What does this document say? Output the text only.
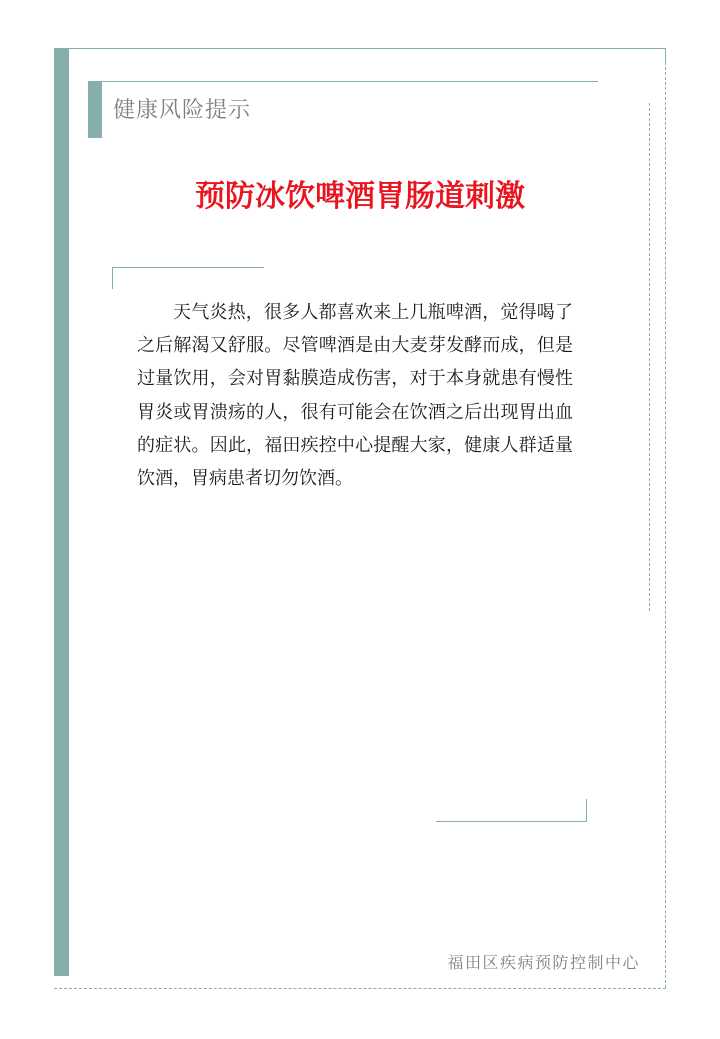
健康风险提示
预防冰饮啤酒胃肠道刺激

天气炎热，很多人都喜欢来上几瓶啤酒，觉得喝了之后解渴又舒服。尽管啤酒是由大麦芽发酵而成，但是过量饮用，会对胃黏膜造成伤害，对于本身就患有慢性胃炎或胃溃疡的人，很有可能会在饮酒之后出现胃出血的症状。因此，福田疾控中心提醒大家，健康人群适量饮酒，胃病患者切勿饮酒。

福田区疾病预防控制中心
